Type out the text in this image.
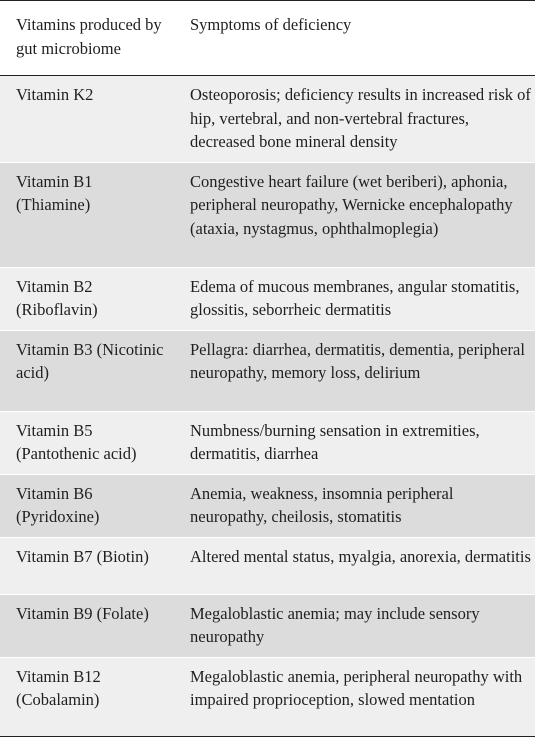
Vitamins produced by gut microbiome	Symptoms of deficiency
Vitamin K2	Osteoporosis; deficiency results in increased risk of hip, vertebral, and non-vertebral fractures, decreased bone mineral density
Vitamin B1 (Thiamine)	Congestive heart failure (wet beriberi), aphonia, peripheral neuropathy, Wernicke encephalopathy (ataxia, nystagmus, ophthalmoplegia)
Vitamin B2 (Riboflavin)	Edema of mucous membranes, angular stomatitis, glossitis, seborrheic dermatitis
Vitamin B3 (Nicotinic acid)	Pellagra: diarrhea, dermatitis, dementia, peripheral neuropathy, memory loss, delirium
Vitamin B5 (Pantothenic acid)	Numbness/burning sensation in extremities, dermatitis, diarrhea
Vitamin B6 (Pyridoxine)	Anemia, weakness, insomnia peripheral neuropathy, cheilosis, stomatitis
Vitamin B7 (Biotin)	Altered mental status, myalgia, anorexia, dermatitis
Vitamin B9 (Folate)	Megaloblastic anemia; may include sensory neuropathy
Vitamin B12 (Cobalamin)	Megaloblastic anemia, peripheral neuropathy with impaired proprioception, slowed mentation
